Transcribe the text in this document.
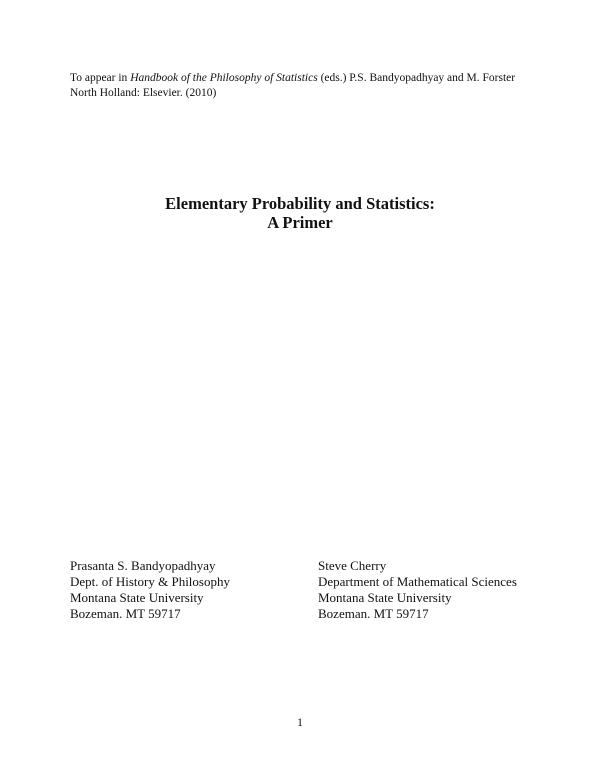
To appear in Handbook of the Philosophy of Statistics (eds.) P.S. Bandyopadhyay and M. Forster
North Holland: Elsevier. (2010)
Elementary Probability and Statistics:
A Primer
Prasanta S. Bandyopadhyay
Dept. of History & Philosophy
Montana State University
Bozeman. MT 59717
Steve Cherry
Department of Mathematical Sciences
Montana State University
Bozeman. MT 59717
1
